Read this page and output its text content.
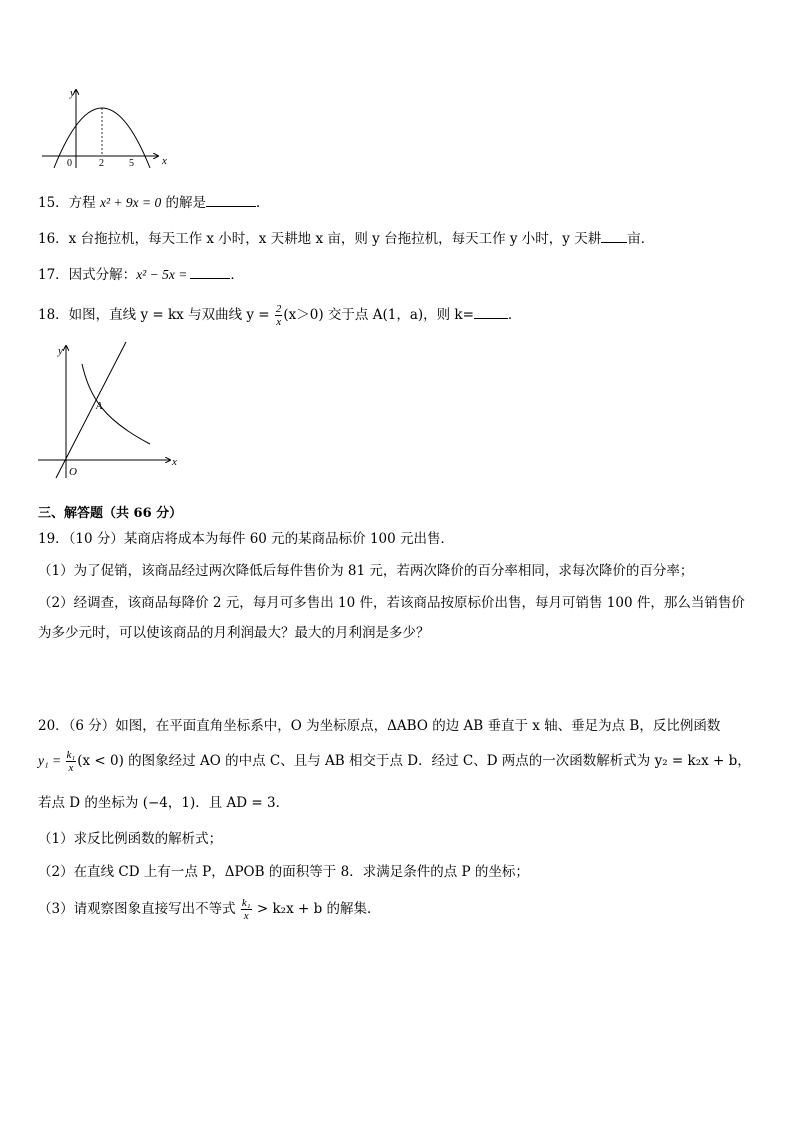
y
x
0	2	5
15．方程 x² + 9x = 0 的解是	．
16．x 台拖拉机，每天工作 x 小时，x 天耕地 x 亩，则 y 台拖拉机，每天工作 y 小时，y 天耕 亩．
17．因式分解：x² − 5x =	．
18．如图，直线 y = kx 与双曲线 $y = \frac{2}{x} (x>0)$ 交于点 A(1，a)，则 k=	．
y
x
O
A
三、解答题（共 66 分）
19．（10 分）某商店将成本为每件 60 元的某商品标价 100 元出售．
（1）为了促销，该商品经过两次降低后每件售价为 81 元，若两次降价的百分率相同，求每次降价的百分率；
（2）经调查，该商品每降价 2 元，每月可多售出 10 件，若该商品按原标价出售，每月可销售 100 件，那么当销售价
为多少元时，可以使该商品的月利润最大？最大的月利润是多少？
20．（6 分）如图，在平面直角坐标系中，O 为坐标原点，ΔABO 的边 AB 垂直于 x 轴、垂足为点 B，反比例函数
$y_1 = \frac{\text{k₁}}{x} (x < 0)$ 的图象经过 AO 的中点 C、且与 AB 相交于点 D．经过 C、D 两点的一次函数解析式为 y₂ = k₂x + b，
若点 D 的坐标为 (−4，1)．且 AD = 3．
（1）求反比例函数的解析式；
（2）在直线 CD 上有一点 P，ΔPOB 的面积等于 8．求满足条件的点 P 的坐标；
（3）请观察图象直接写出不等式 $\frac{\text{k₁}}{x} > k_2x + b$ 的解集．
